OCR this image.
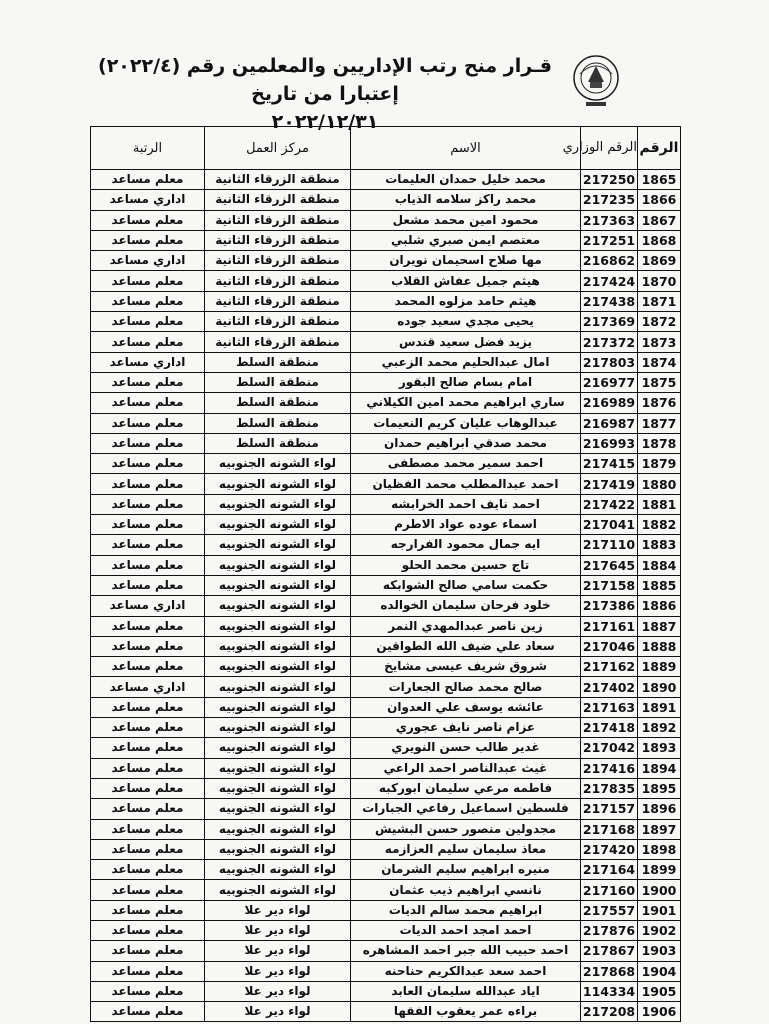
قـرار منح رتب الإداريين والمعلمين رقم (٢٠٢٢/٤) إعتبارا من تاريخ
٢٠٢٢/١٢/٣١
الرقم	الرقم الوزاري	الاسم	مركز العمل	الرتبة
1865	217250	محمد خليل حمدان العليمات	منطقة الزرقاء الثانية	معلم مساعد
1866	217235	محمد راكز سلامه الذياب	منطقة الزرقاء الثانية	اداري مساعد
1867	217363	محمود امين محمد مشعل	منطقة الزرقاء الثانية	معلم مساعد
1868	217251	معتصم ايمن صبري شلبي	منطقة الزرقاء الثانية	معلم مساعد
1869	216862	مها صلاح اسحيمان نويران	منطقة الزرقاء الثانية	اداري مساعد
1870	217424	هيثم جميل عفاش القلاب	منطقة الزرقاء الثانية	معلم مساعد
1871	217438	هيثم حامد مزلوه المحمد	منطقة الزرقاء الثانية	معلم مساعد
1872	217369	يحيى مجدي سعيد جوده	منطقة الزرقاء الثانية	معلم مساعد
1873	217372	يزيد فضل سعيد قندس	منطقة الزرقاء الثانية	معلم مساعد
1874	217803	امال عبدالحليم محمد الزعبي	منطقة السلط	اداري مساعد
1875	216977	امام بسام صالح البقور	منطقة السلط	معلم مساعد
1876	216989	ساري ابراهيم محمد امين الكيلاني	منطقة السلط	معلم مساعد
1877	216987	عبدالوهاب عليان كريم النعيمات	منطقة السلط	معلم مساعد
1878	216993	محمد صدقي ابراهيم حمدان	منطقة السلط	معلم مساعد
1879	217415	احمد سمير محمد مصطفى	لواء الشونه الجنوبيه	معلم مساعد
1880	217419	احمد عبدالمطلب محمد الفظيان	لواء الشونه الجنوبيه	معلم مساعد
1881	217422	احمد نايف احمد الخرابشه	لواء الشونه الجنوبيه	معلم مساعد
1882	217041	اسماء عوده عواد الاطرم	لواء الشونه الجنوبيه	معلم مساعد
1883	217110	ايه جمال محمود الفرارجه	لواء الشونه الجنوبيه	معلم مساعد
1884	217645	تاج حسين محمد الحلو	لواء الشونه الجنوبيه	معلم مساعد
1885	217158	حكمت سامي صالح الشوابكه	لواء الشونه الجنوبيه	معلم مساعد
1886	217386	خلود فرحان سليمان الخوالده	لواء الشونه الجنوبيه	اداري مساعد
1887	217161	زين ناصر عبدالمهدي النمر	لواء الشونه الجنوبيه	معلم مساعد
1888	217046	سعاد علي ضيف الله الطواقين	لواء الشونه الجنوبيه	معلم مساعد
1889	217162	شروق شريف عيسى مشايخ	لواء الشونه الجنوبيه	معلم مساعد
1890	217402	صالح محمد صالح الجعارات	لواء الشونه الجنوبيه	اداري مساعد
1891	217163	عائشه يوسف علي العدوان	لواء الشونه الجنوبيه	معلم مساعد
1892	217418	عزام ناصر نايف عجوري	لواء الشونه الجنوبيه	معلم مساعد
1893	217042	غدير طالب حسن النويري	لواء الشونه الجنوبيه	معلم مساعد
1894	217416	غيث عبدالناصر احمد الراعي	لواء الشونه الجنوبيه	معلم مساعد
1895	217835	فاطمه مرعي سليمان ابوركبه	لواء الشونه الجنوبيه	معلم مساعد
1896	217157	فلسطين اسماعيل رفاعي الجبارات	لواء الشونه الجنوبيه	معلم مساعد
1897	217168	مجدولين منصور حسن البشيش	لواء الشونه الجنوبيه	معلم مساعد
1898	217420	معاذ سليمان سليم العزازمه	لواء الشونه الجنوبيه	معلم مساعد
1899	217164	منيره ابراهيم سليم الشرمان	لواء الشونه الجنوبيه	معلم مساعد
1900	217160	نانسي ابراهيم ذيب عثمان	لواء الشونه الجنوبيه	معلم مساعد
1901	217557	ابراهيم محمد سالم الديات	لواء دير علا	معلم مساعد
1902	217876	احمد امجد احمد الديات	لواء دير علا	معلم مساعد
1903	217867	احمد حبيب الله جبر احمد المشاهره	لواء دير علا	معلم مساعد
1904	217868	احمد سعد عبدالكريم حناحنه	لواء دير علا	معلم مساعد
1905	114334	اياد عبدالله سليمان العابد	لواء دير علا	معلم مساعد
1906	217208	براءه عمر يعقوب الفقها	لواء دير علا	معلم مساعد
